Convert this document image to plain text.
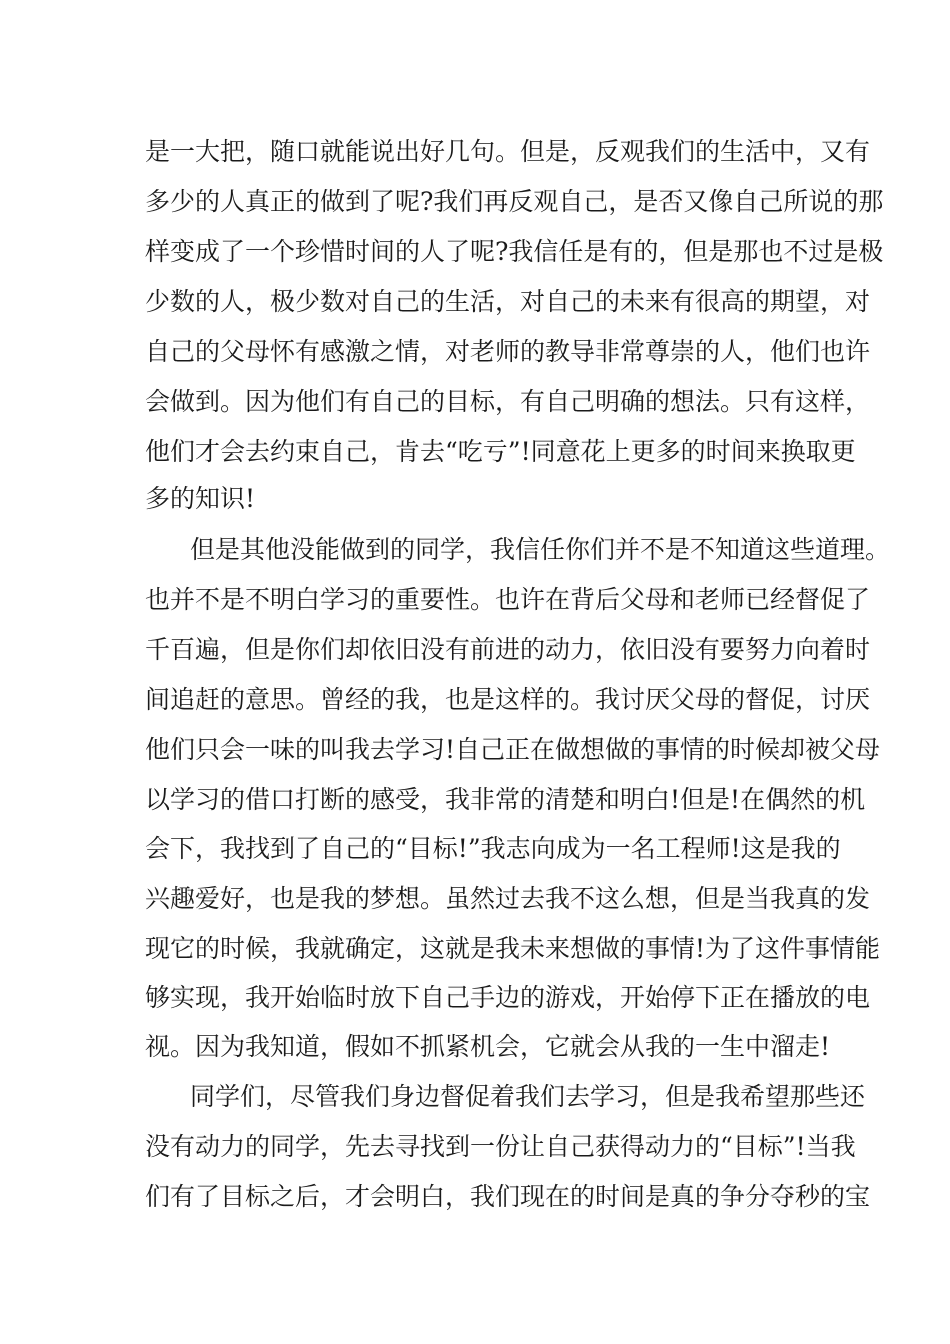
是一大把，随口就能说出好几句。但是，反观我们的生活中，又有
多少的人真正的做到了呢?我们再反观自己，是否又像自己所说的那
样变成了一个珍惜时间的人了呢?我信任是有的，但是那也不过是极
少数的人，极少数对自己的生活，对自己的未来有很高的期望，对
自己的父母怀有感激之情，对老师的教导非常尊崇的人，他们也许
会做到。因为他们有自己的目标，有自己明确的想法。只有这样，
他们才会去约束自己，肯去“吃亏”!同意花上更多的时间来换取更
多的知识!
但是其他没能做到的同学，我信任你们并不是不知道这些道理。
也并不是不明白学习的重要性。也许在背后父母和老师已经督促了
千百遍，但是你们却依旧没有前进的动力，依旧没有要努力向着时
间追赶的意思。曾经的我，也是这样的。我讨厌父母的督促，讨厌
他们只会一味的叫我去学习!自己正在做想做的事情的时候却被父母
以学习的借口打断的感受，我非常的清楚和明白!但是!在偶然的机
会下，我找到了自己的“目标!”我志向成为一名工程师!这是我的
兴趣爱好，也是我的梦想。虽然过去我不这么想，但是当我真的发
现它的时候，我就确定，这就是我未来想做的事情!为了这件事情能
够实现，我开始临时放下自己手边的游戏，开始停下正在播放的电
视。因为我知道，假如不抓紧机会，它就会从我的一生中溜走!
同学们，尽管我们身边督促着我们去学习，但是我希望那些还
没有动力的同学，先去寻找到一份让自己获得动力的“目标”!当我
们有了目标之后，才会明白，我们现在的时间是真的争分夺秒的宝
